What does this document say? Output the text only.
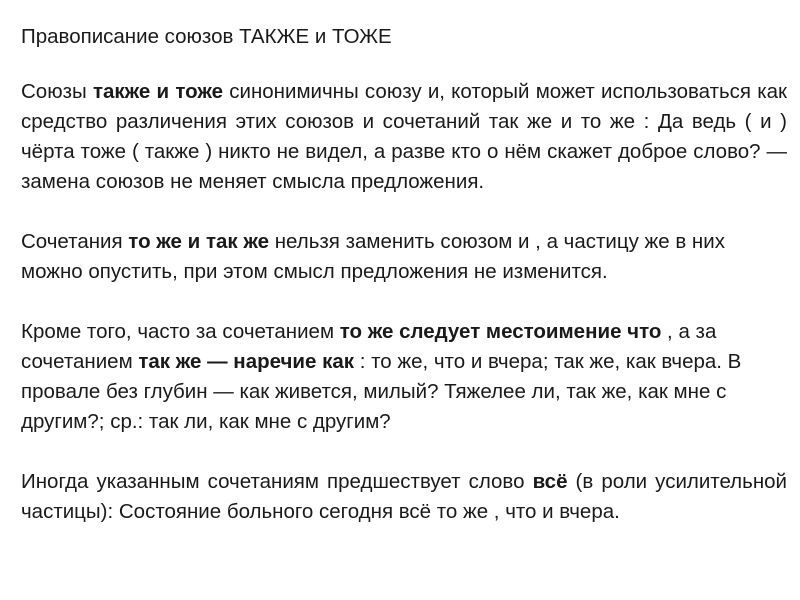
Правописание союзов ТАКЖЕ и ТОЖЕ

Союзы также и тоже синонимичны союзу и, который может использоваться как средство различения этих союзов и сочетаний так же и то же : Да ведь ( и ) чёрта тоже ( также ) никто не видел, а разве кто о нём скажет доброе слово? — замена союзов не меняет смысла предложения.

Сочетания то же и так же нельзя заменить союзом и , а частицу же в них можно опустить, при этом смысл предложения не изменится.

Кроме того, часто за сочетанием то же следует местоимение что , а за сочетанием так же — наречие как : то же, что и вчера; так же, как вчера. В провале без глубин — как живется, милый? Тяжелее ли, так же, как мне с другим?; ср.: так ли, как мне с другим?

Иногда указанным сочетаниям предшествует слово всё (в роли усилительной частицы): Состояние больного сегодня всё то же , что и вчера.
